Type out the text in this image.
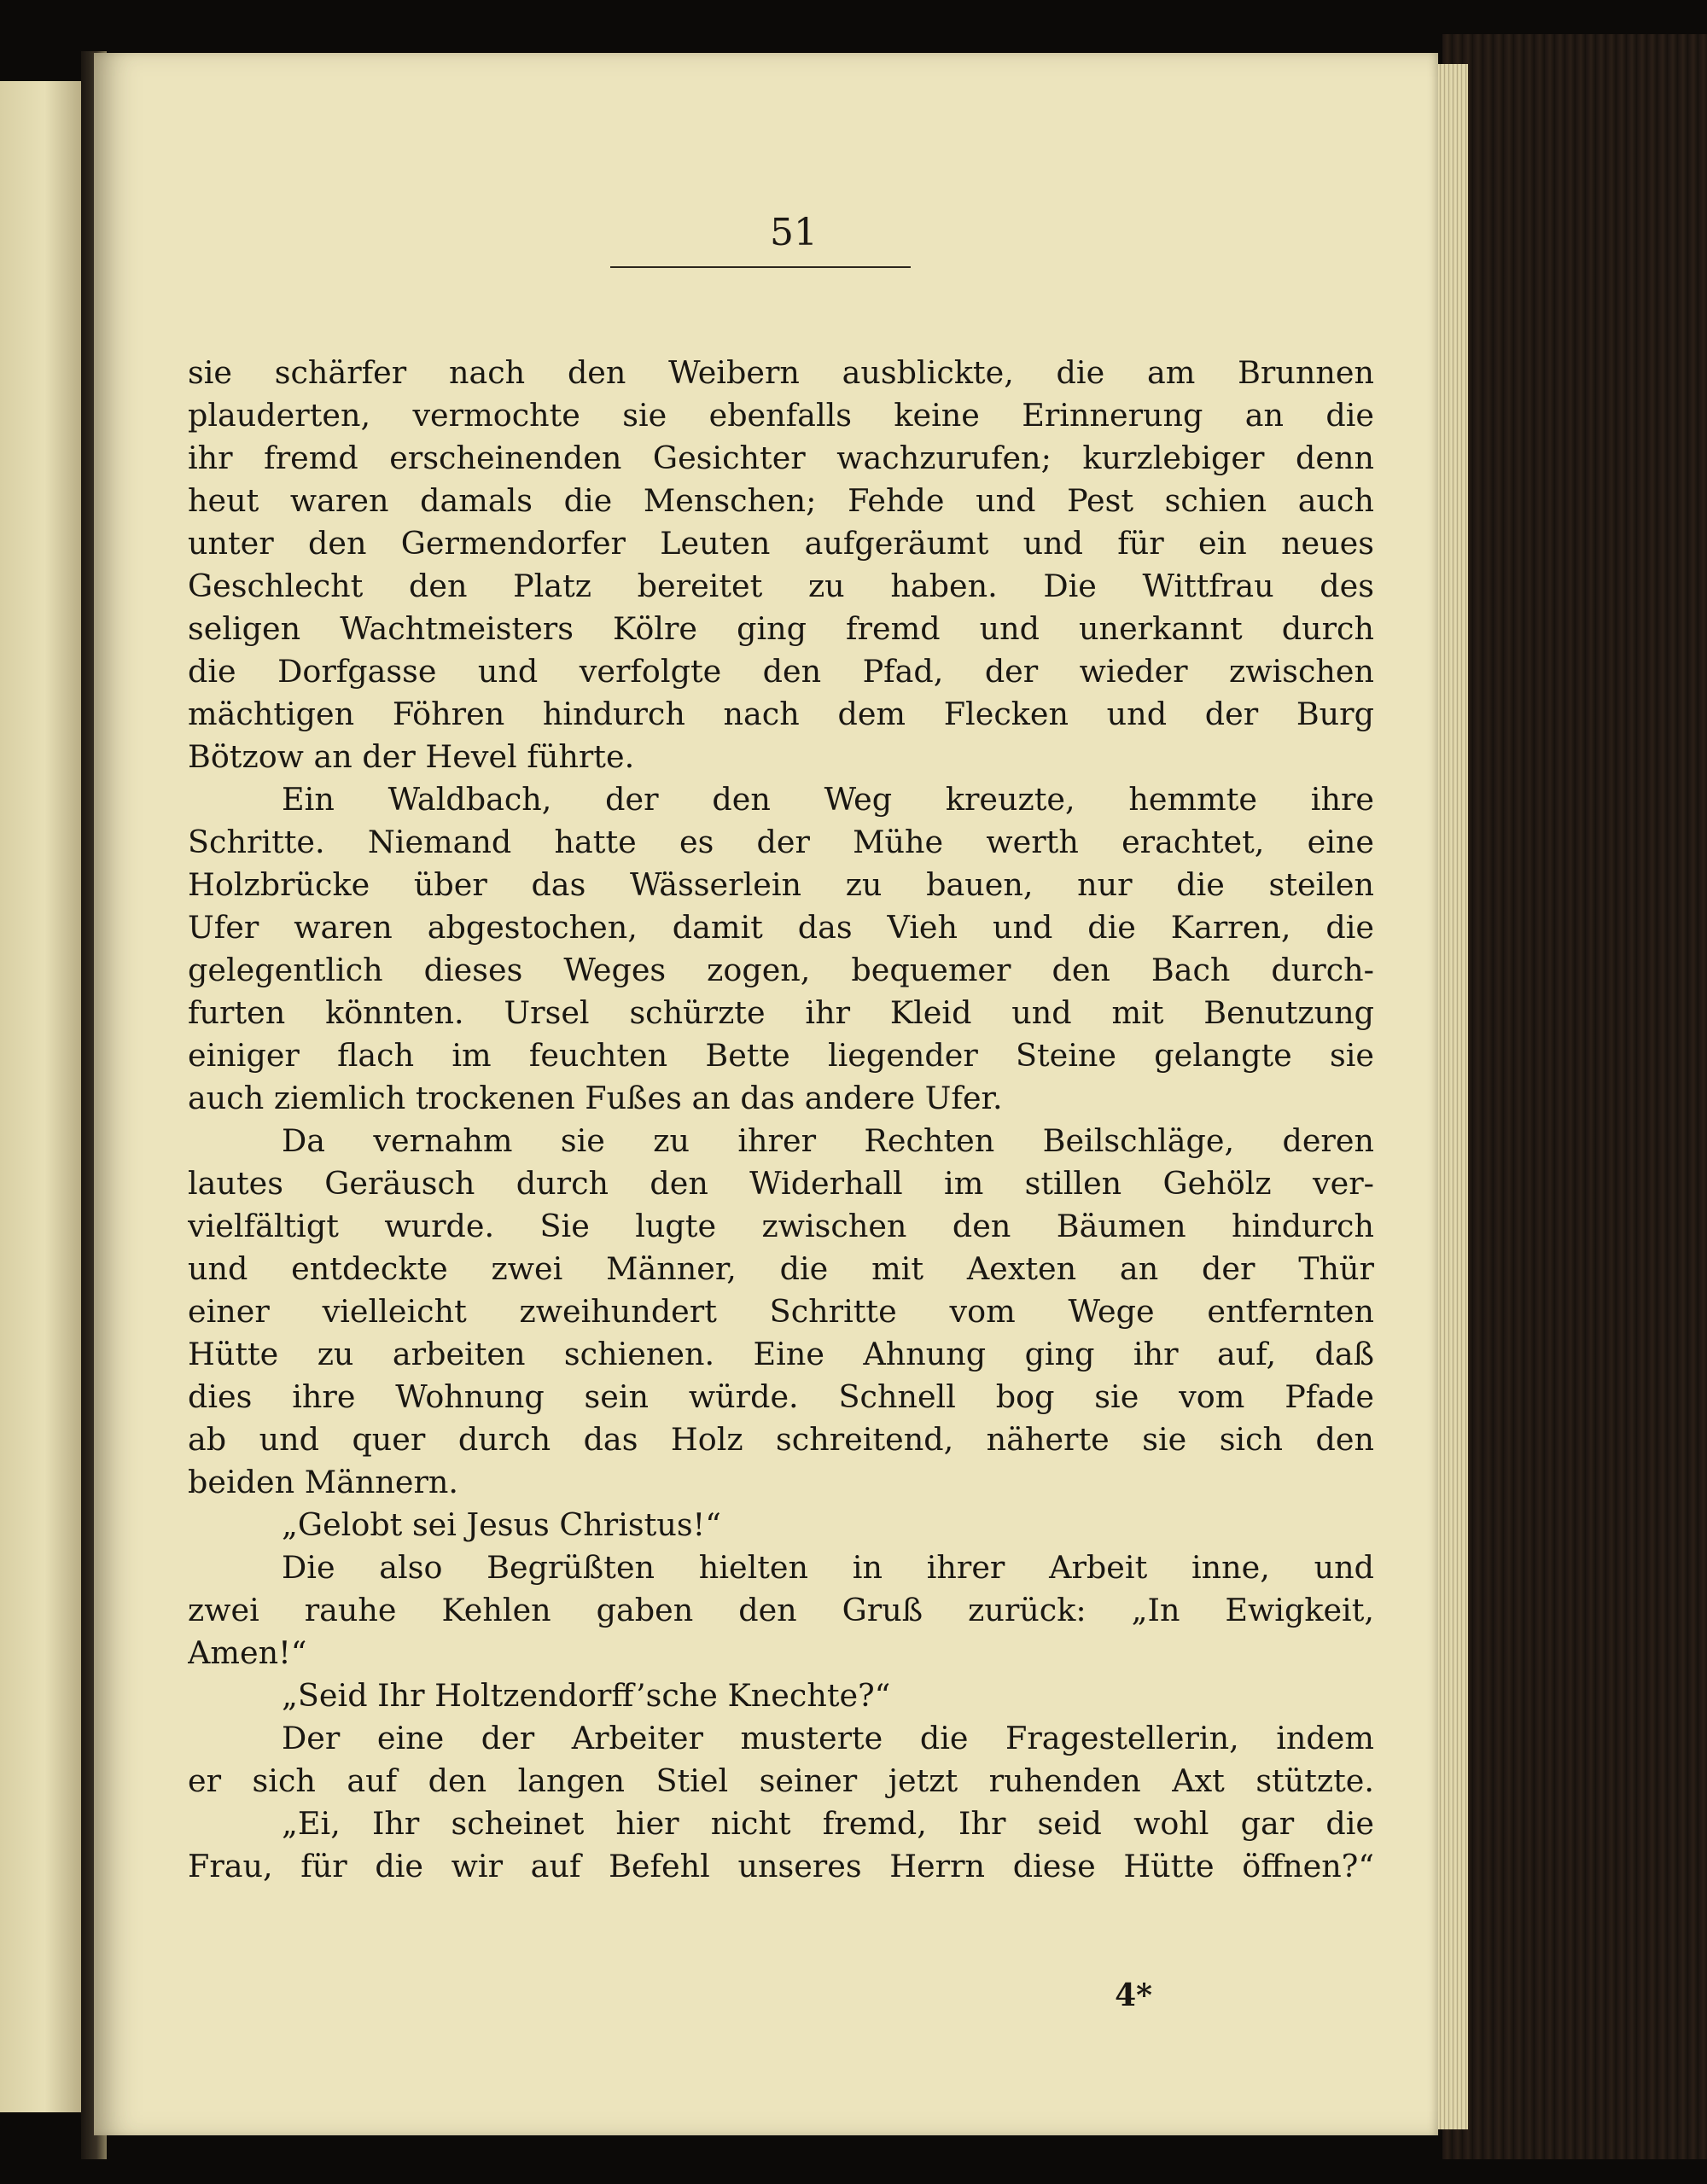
51
sie schärfer nach den Weibern ausblickte, die am Brunnen
plauderten, vermochte sie ebenfalls keine Erinnerung an die
ihr fremd erscheinenden Gesichter wachzurufen; kurzlebiger denn
heut waren damals die Menschen; Fehde und Pest schien auch
unter den Germendorfer Leuten aufgeräumt und für ein neues
Geschlecht den Platz bereitet zu haben. Die Wittfrau des
seligen Wachtmeisters Kölre ging fremd und unerkannt durch
die Dorfgasse und verfolgte den Pfad, der wieder zwischen
mächtigen Föhren hindurch nach dem Flecken und der Burg
Bötzow an der Hevel führte.
Ein Waldbach, der den Weg kreuzte, hemmte ihre
Schritte. Niemand hatte es der Mühe werth erachtet, eine
Holzbrücke über das Wässerlein zu bauen, nur die steilen
Ufer waren abgestochen, damit das Vieh und die Karren, die
gelegentlich dieses Weges zogen, bequemer den Bach durch-
furten könnten. Ursel schürzte ihr Kleid und mit Benutzung
einiger flach im feuchten Bette liegender Steine gelangte sie
auch ziemlich trockenen Fußes an das andere Ufer.
Da vernahm sie zu ihrer Rechten Beilschläge, deren
lautes Geräusch durch den Widerhall im stillen Gehölz ver-
vielfältigt wurde. Sie lugte zwischen den Bäumen hindurch
und entdeckte zwei Männer, die mit Aexten an der Thür
einer vielleicht zweihundert Schritte vom Wege entfernten
Hütte zu arbeiten schienen. Eine Ahnung ging ihr auf, daß
dies ihre Wohnung sein würde. Schnell bog sie vom Pfade
ab und quer durch das Holz schreitend, näherte sie sich den
beiden Männern.
„Gelobt sei Jesus Christus!“
Die also Begrüßten hielten in ihrer Arbeit inne, und
zwei rauhe Kehlen gaben den Gruß zurück: „In Ewigkeit,
Amen!“
„Seid Ihr Holtzendorff’sche Knechte?“
Der eine der Arbeiter musterte die Fragestellerin, indem
er sich auf den langen Stiel seiner jetzt ruhenden Axt stützte.
„Ei, Ihr scheinet hier nicht fremd, Ihr seid wohl gar die
Frau, für die wir auf Befehl unseres Herrn diese Hütte öffnen?“
4*
